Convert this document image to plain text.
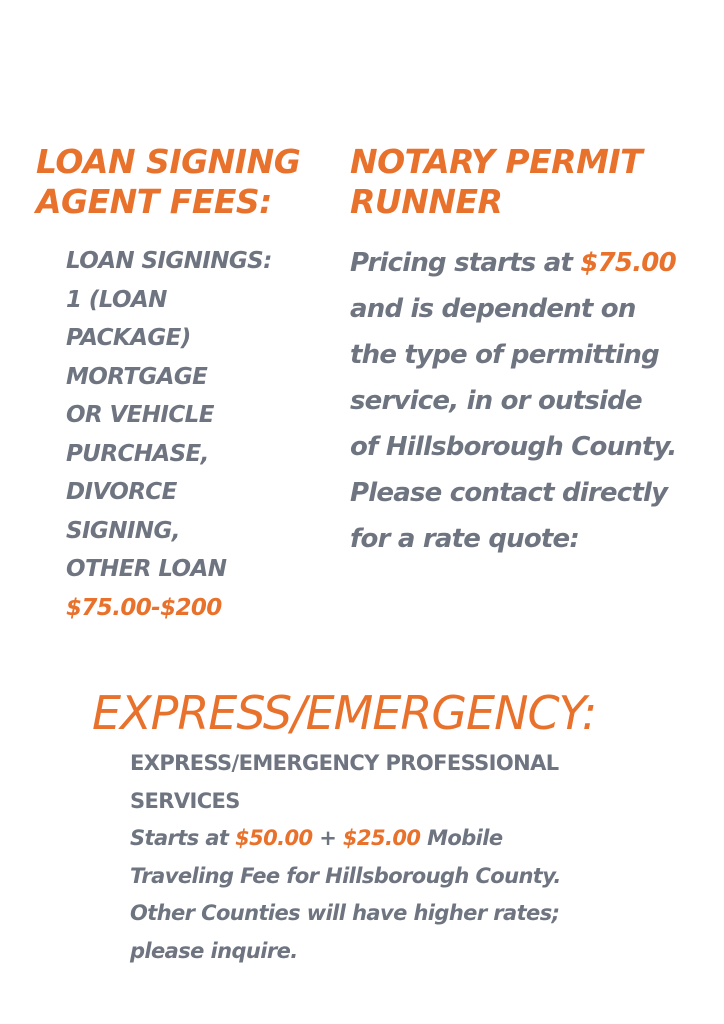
LOAN SIGNING
AGENT FEES:
LOAN SIGNINGS:
1 (LOAN
PACKAGE)
MORTGAGE
OR VEHICLE
PURCHASE,
DIVORCE
SIGNING,
OTHER LOAN
$75.00-$200
NOTARY PERMIT
RUNNER
Pricing starts at $75.00
and is dependent on
the type of permitting
service, in or outside
of Hillsborough County.
Please contact directly
for a rate quote:
EXPRESS/EMERGENCY:
EXPRESS/EMERGENCY PROFESSIONAL
SERVICES
Starts at $50.00 + $25.00 Mobile
Traveling Fee for Hillsborough County.
Other Counties will have higher rates;
please inquire.
